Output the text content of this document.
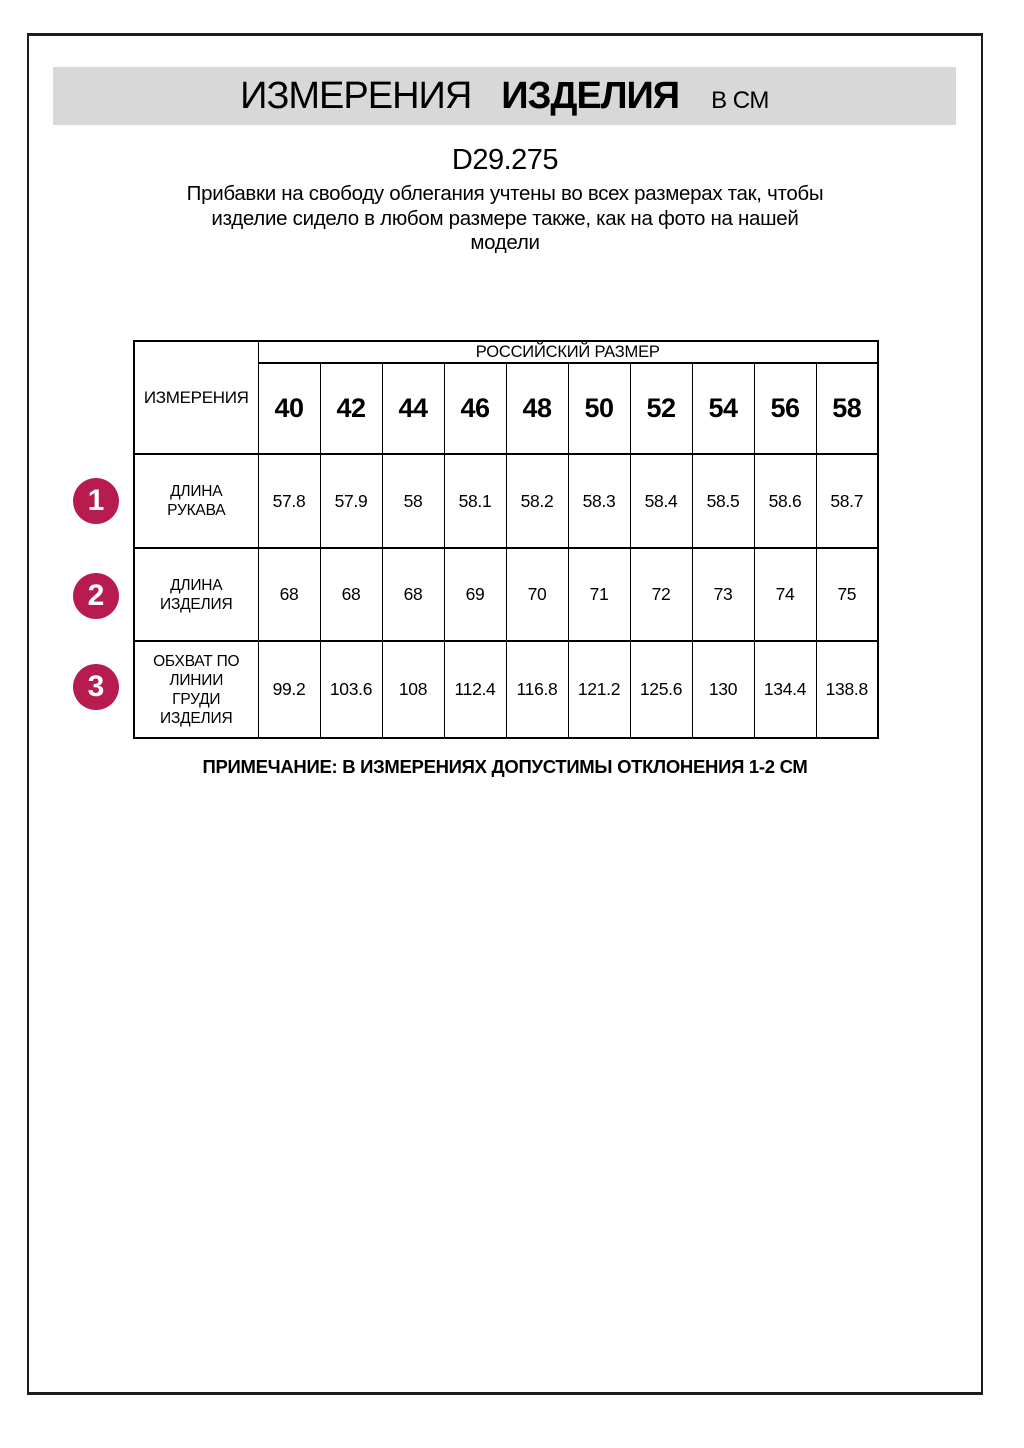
ИЗМЕРЕНИЯ ИЗДЕЛИЯ В СМ
D29.275
Прибавки на свободу облегания учтены во всех размерах так, чтобы
изделие сидело в любом размере также, как на фото на нашей
модели
ИЗМЕРЕНИЯ	РОССИЙСКИЙ РАЗМЕР									
	40	42	44	46	48	50	52	54	56	58
ДЛИНА РУКАВА	57.8	57.9	58	58.1	58.2	58.3	58.4	58.5	58.6	58.7
ДЛИНА ИЗДЕЛИЯ	68	68	68	69	70	71	72	73	74	75
ОБХВАТ ПО ЛИНИИ ГРУДИ ИЗДЕЛИЯ	99.2	103.6	108	112.4	116.8	121.2	125.6	130	134.4	138.8
1
2
3
ПРИМЕЧАНИЕ: В ИЗМЕРЕНИЯХ ДОПУСТИМЫ ОТКЛОНЕНИЯ 1-2 СМ
